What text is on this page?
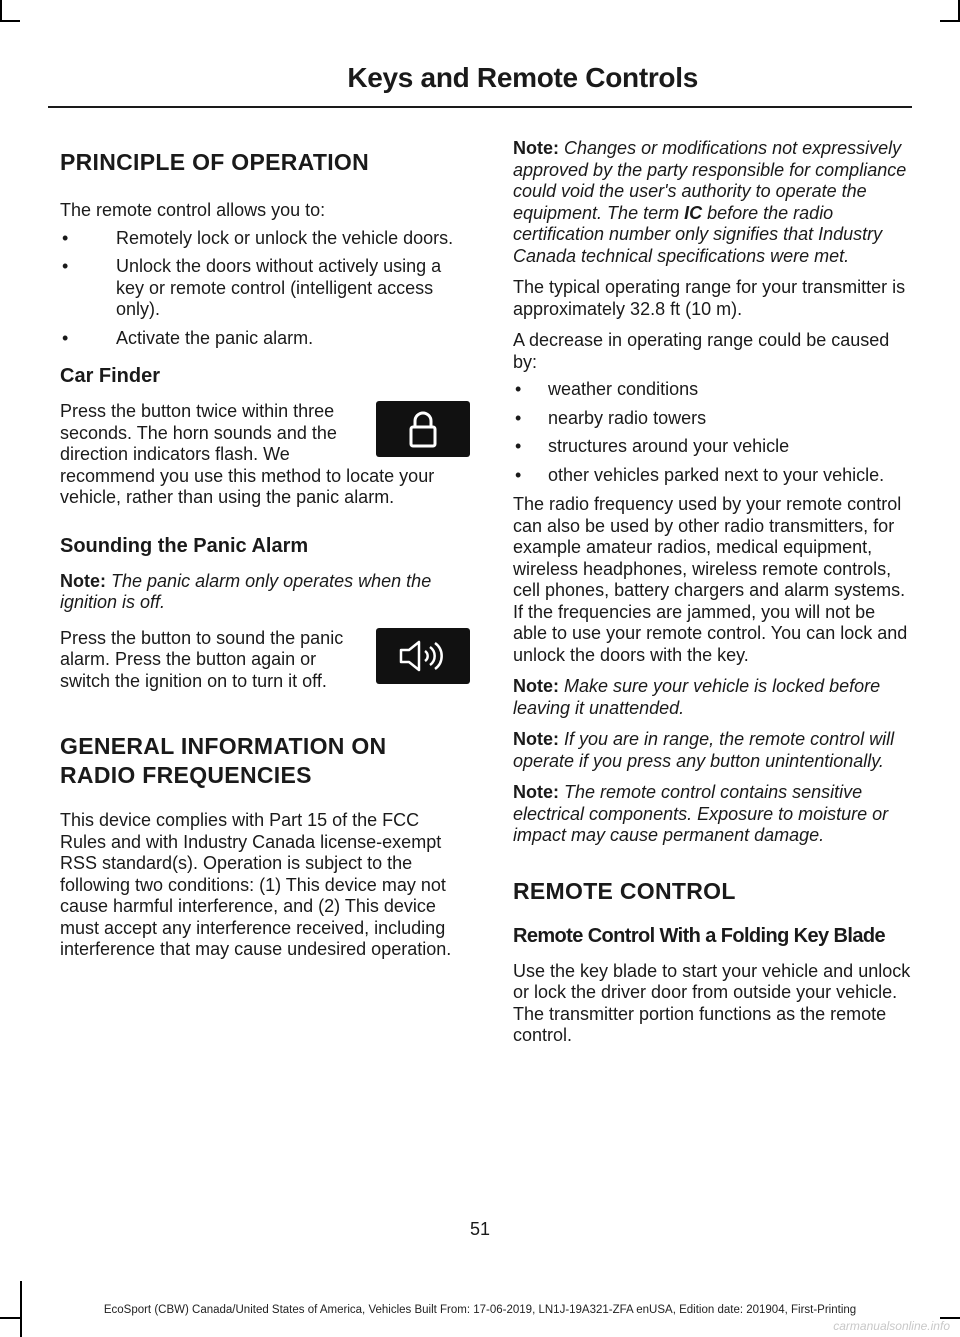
Keys and Remote Controls
PRINCIPLE OF OPERATION

The remote control allows you to:

•	Remotely lock or unlock the vehicle doors.
•	Unlock the doors without actively using a key or remote control (intelligent access only).
•	Activate the panic alarm.
Car Finder

Press the button twice within three seconds. The horn sounds and the direction indicators flash. We recommend you use this method to locate your vehicle, rather than using the panic alarm.

Sounding the Panic Alarm

Note: The panic alarm only operates when the ignition is off.

Press the button to sound the panic alarm. Press the button again or switch the ignition on to turn it off.

GENERAL INFORMATION ON
RADIO FREQUENCIES

This device complies with Part 15 of the FCC Rules and with Industry Canada license-exempt RSS standard(s). Operation is subject to the following two conditions: (1) This device may not cause harmful interference, and (2) This device must accept any interference received, including interference that may cause undesired operation.

Note: Changes or modifications not expressively approved by the party responsible for compliance could void the user's authority to operate the equipment. The term IC before the radio certification number only signifies that Industry Canada technical specifications were met.

The typical operating range for your transmitter is approximately 32.8 ft (10 m).

A decrease in operating range could be caused by:

• weather conditions
• nearby radio towers
• structures around your vehicle
• other vehicles parked next to your vehicle.

The radio frequency used by your remote control can also be used by other radio transmitters, for example amateur radios, medical equipment, wireless headphones, wireless remote controls, cell phones, battery chargers and alarm systems. If the frequencies are jammed, you will not be able to use your remote control. You can lock and unlock the doors with the key.

Note: Make sure your vehicle is locked before leaving it unattended.

Note: If you are in range, the remote control will operate if you press any button unintentionally.

Note: The remote control contains sensitive electrical components. Exposure to moisture or impact may cause permanent damage.

REMOTE CONTROL
Remote Control With a Folding Key Blade

Use the key blade to start your vehicle and unlock or lock the driver door from outside your vehicle. The transmitter portion functions as the remote control.

51
EcoSport (CBW) Canada/United States of America, Vehicles Built From: 17-06-2019, LN1J-19A321-ZFA enUSA, Edition date: 201904, First-Printing
carmanualsonline.info
